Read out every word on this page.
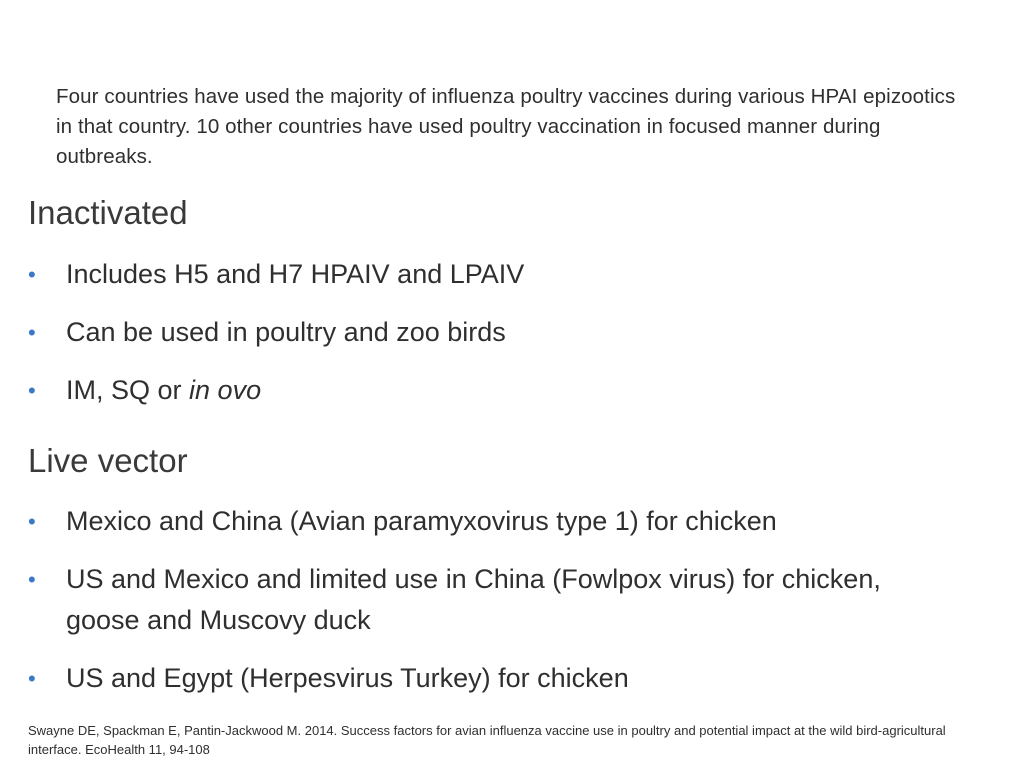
Four countries have used the majority of influenza poultry vaccines during various HPAI epizootics in that country. 10 other countries have used poultry vaccination in focused manner during outbreaks.
Inactivated
• Includes H5 and H7 HPAIV and LPAIV
• Can be used in poultry and zoo birds
• IM, SQ or in ovo
Live vector
• Mexico and China (Avian paramyxovirus type 1) for chicken
• US and Mexico and limited use in China (Fowlpox virus) for chicken, goose and Muscovy duck
• US and Egypt (Herpesvirus Turkey) for chicken
Swayne DE, Spackman E, Pantin-Jackwood M. 2014. Success factors for avian influenza vaccine use in poultry and potential impact at the wild bird-agricultural interface. EcoHealth 11, 94-108
